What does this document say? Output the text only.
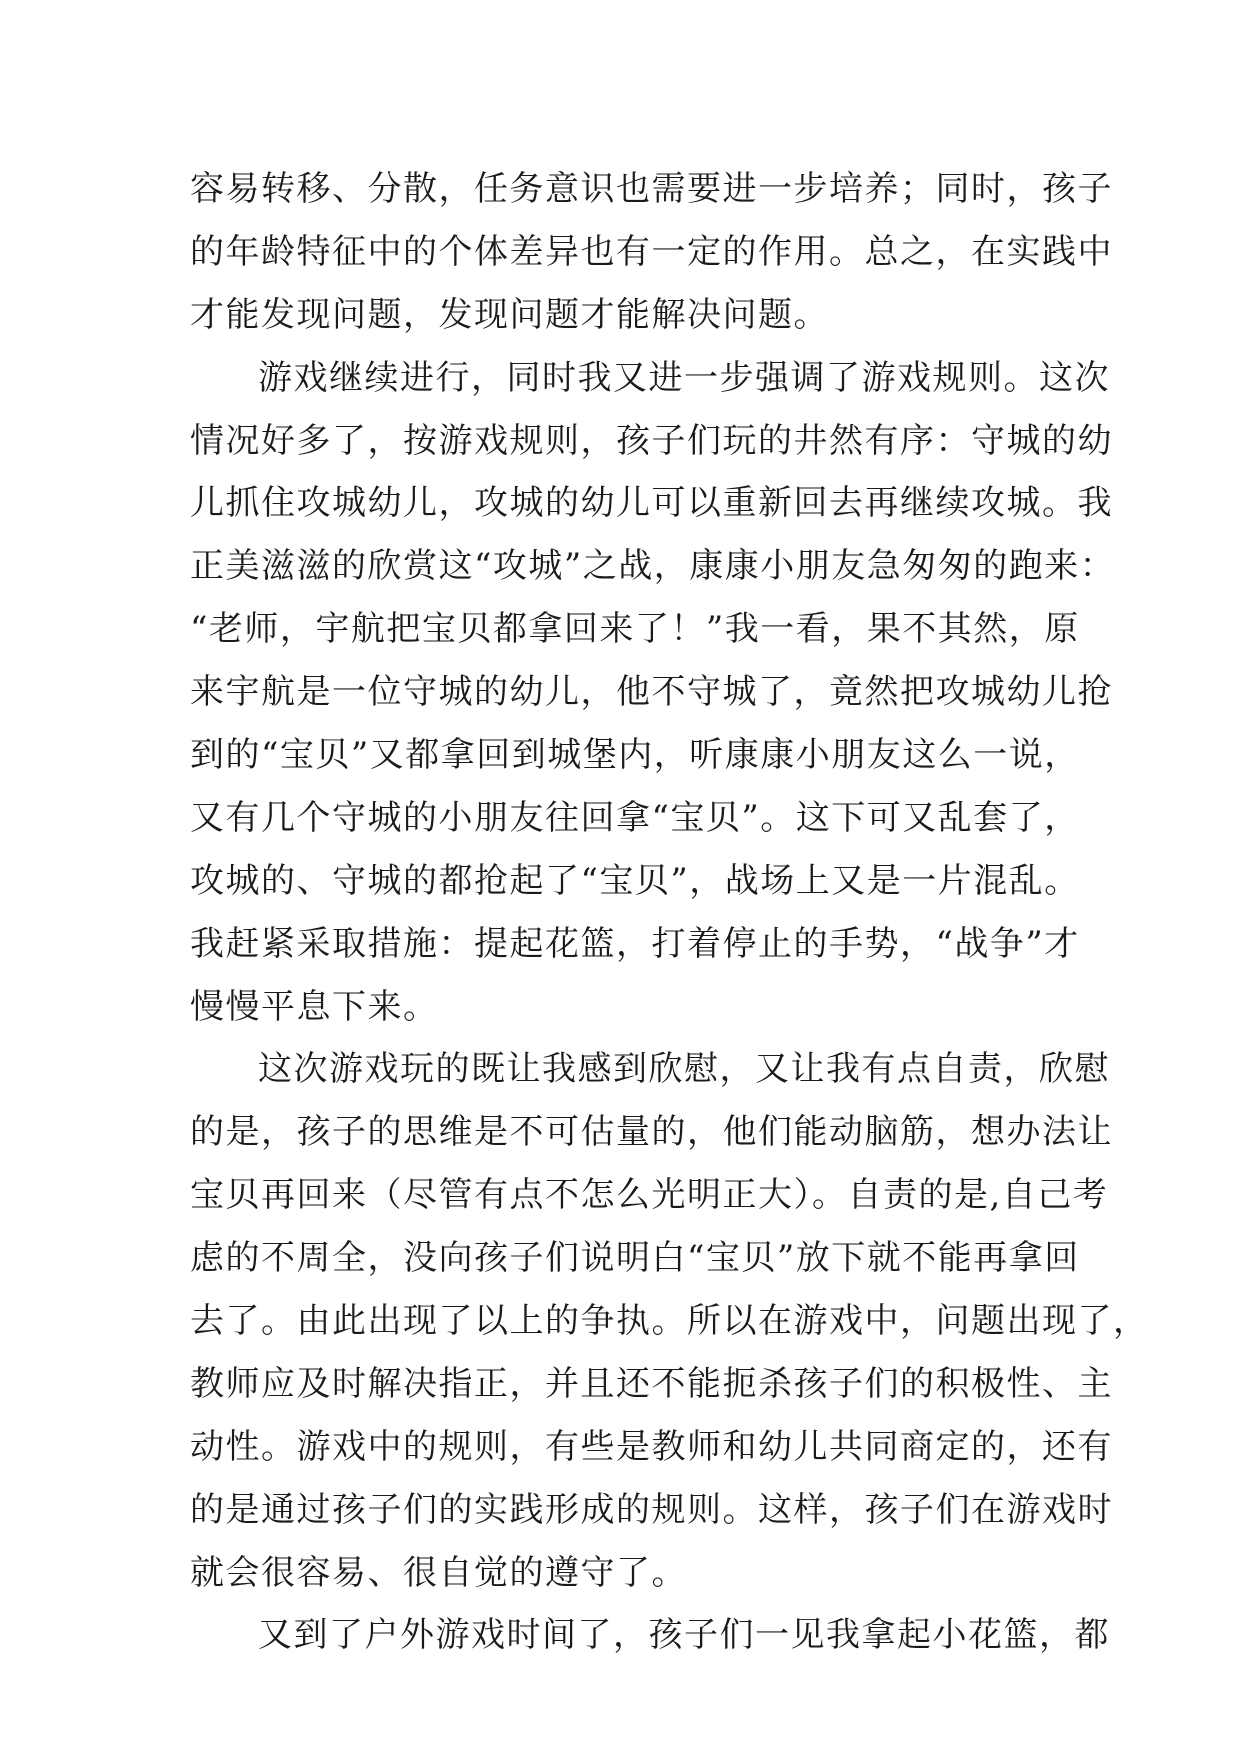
容易转移、分散，任务意识也需要进一步培养；同时，孩子
的年龄特征中的个体差异也有一定的作用。总之，在实践中
才能发现问题，发现问题才能解决问题。
游戏继续进行，同时我又进一步强调了游戏规则。这次
情况好多了，按游戏规则，孩子们玩的井然有序：守城的幼
儿抓住攻城幼儿，攻城的幼儿可以重新回去再继续攻城。我
正美滋滋的欣赏这“攻城”之战，康康小朋友急匆匆的跑来：
“老师，宇航把宝贝都拿回来了！”我一看，果不其然，原
来宇航是一位守城的幼儿，他不守城了，竟然把攻城幼儿抢
到的“宝贝”又都拿回到城堡内，听康康小朋友这么一说，
又有几个守城的小朋友往回拿“宝贝”。这下可又乱套了，
攻城的、守城的都抢起了“宝贝”，战场上又是一片混乱。
我赶紧采取措施：提起花篮，打着停止的手势，“战争”才
慢慢平息下来。
这次游戏玩的既让我感到欣慰，又让我有点自责，欣慰
的是，孩子的思维是不可估量的，他们能动脑筋，想办法让
宝贝再回来（尽管有点不怎么光明正大）。自责的是,自己考
虑的不周全，没向孩子们说明白“宝贝”放下就不能再拿回
去了。由此出现了以上的争执。所以在游戏中，问题出现了，
教师应及时解决指正，并且还不能扼杀孩子们的积极性、主
动性。游戏中的规则，有些是教师和幼儿共同商定的，还有
的是通过孩子们的实践形成的规则。这样，孩子们在游戏时
就会很容易、很自觉的遵守了。
又到了户外游戏时间了，孩子们一见我拿起小花篮，都
